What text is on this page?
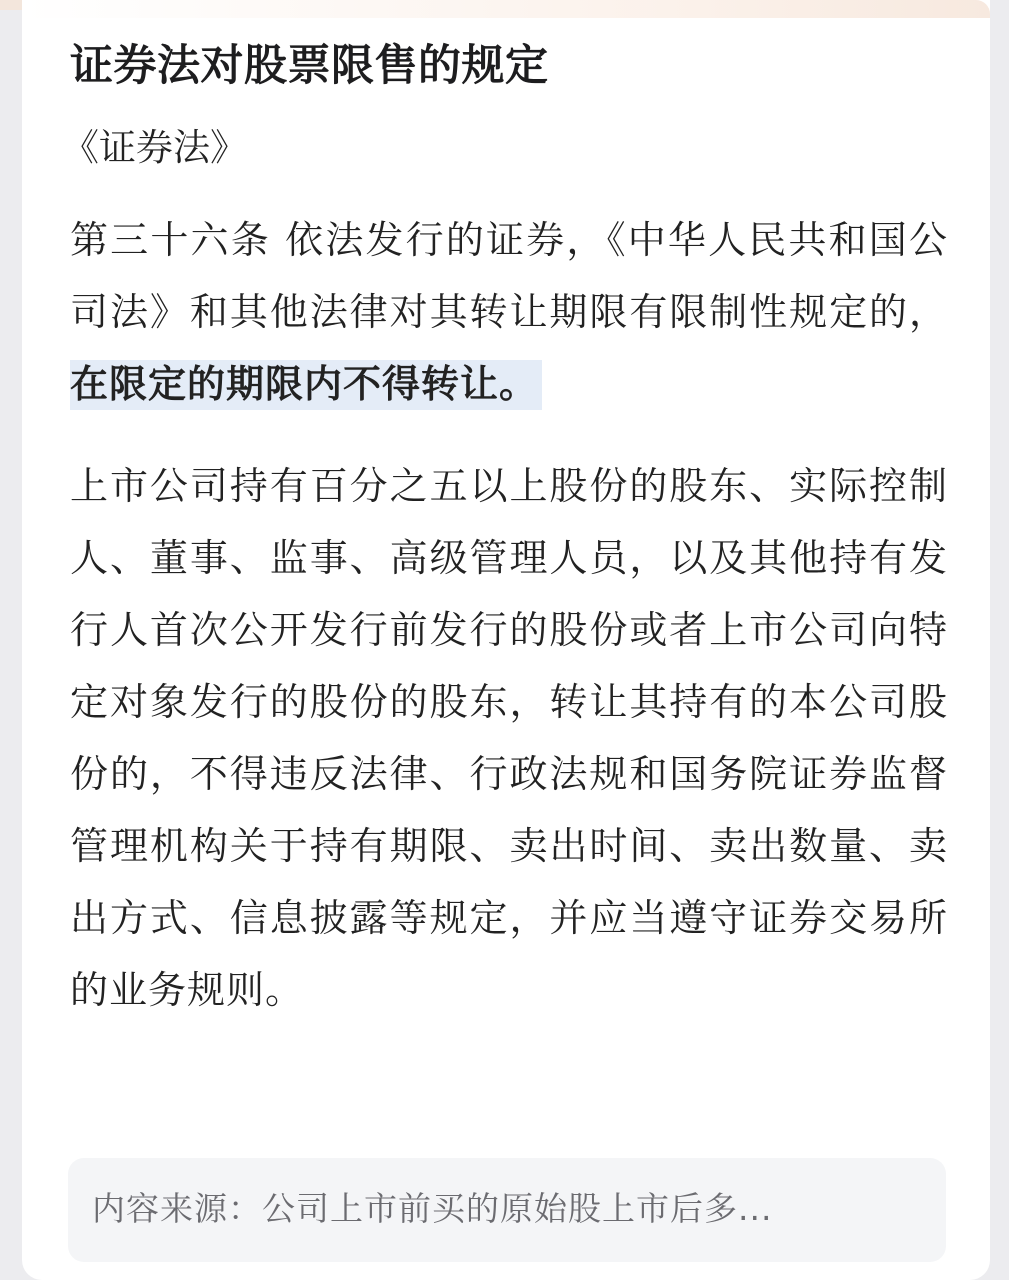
证券法对股票限售的规定
《证券法》

第三十六条 依法发行的证券，《中华人民共和国公司法》和其他法律对其转让期限有限制性规定的，在限定的期限内不得转让。

上市公司持有百分之五以上股份的股东、实际控制人、董事、监事、高级管理人员，以及其他持有发行人首次公开发行前发行的股份或者上市公司向特定对象发行的股份的股东，转让其持有的本公司股份的，不得违反法律、行政法规和国务院证券监督管理机构关于持有期限、卖出时间、卖出数量、卖出方式、信息披露等规定，并应当遵守证券交易所的业务规则。

内容来源：公司上市前买的原始股上市后多...
